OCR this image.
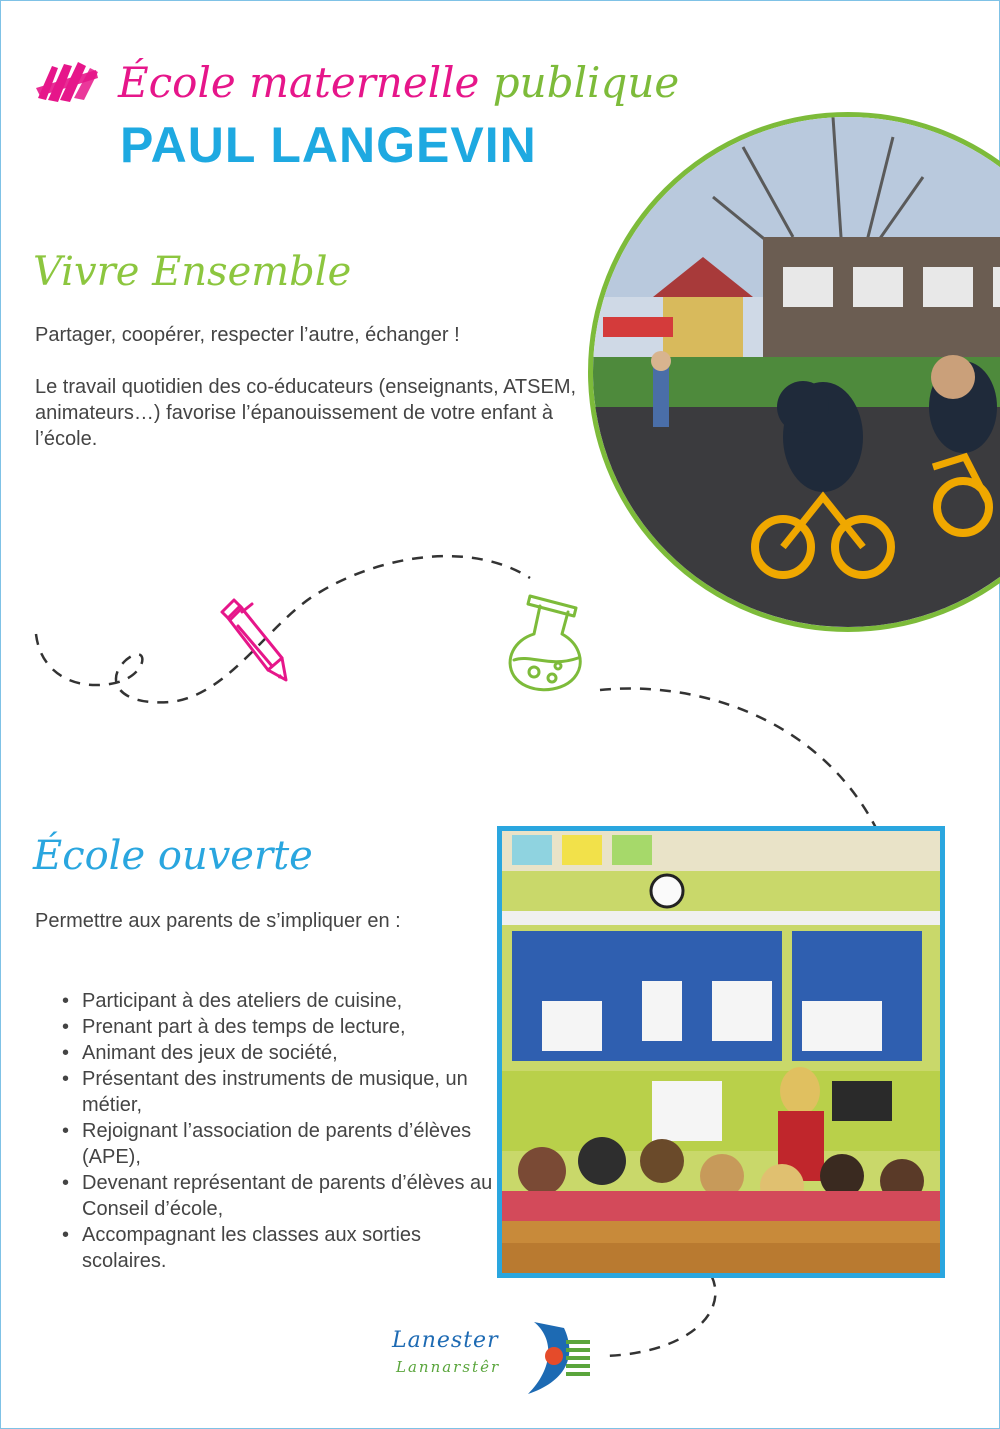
École maternelle publique
PAUL LANGEVIN
Vivre Ensemble
Partager, coopérer, respecter l’autre, échanger !
Le travail quotidien des co-éducateurs (enseignants, ATSEM, animateurs…) favorise l’épanouissement de votre enfant à l’école.
École ouverte
Permettre aux parents de s’impliquer en :
• Participant à des ateliers de cuisine,
• Prenant part à des temps de lecture,
• Animant des jeux de société,
• Présentant des instruments de musique, un métier,
• Rejoignant l’association de parents d’élèves (APE),
• Devenant représentant de parents d’élèves au Conseil d’école,
• Accompagnant les classes aux sorties scolaires.
Lanester
Lannarstêr
